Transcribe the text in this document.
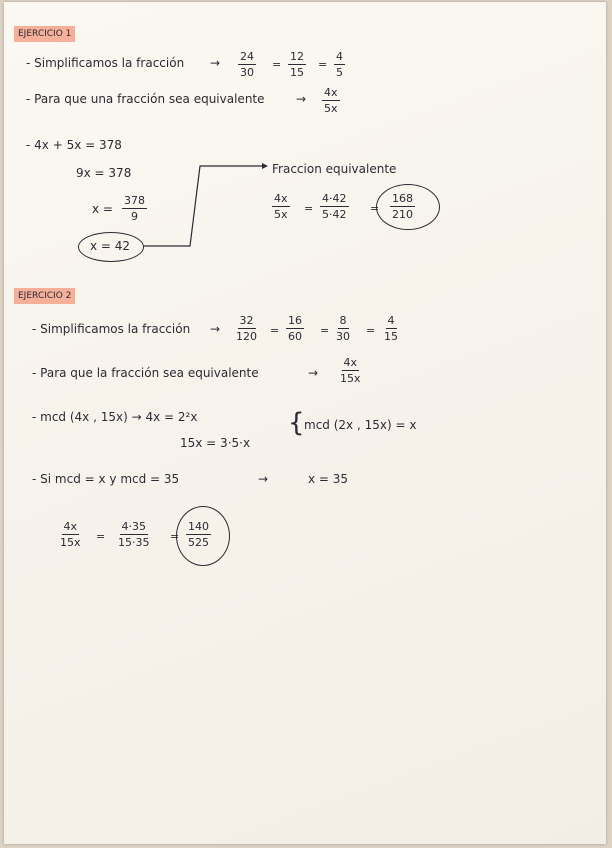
EJERCICIO 1
- Simplificamos la fracción → $\frac{24}{30} = \frac{12}{15} = \frac{4}{5}$
- Para que una fracción sea equivalente	→ $\frac{4x}{5x}$
- 4x + 5x = 378
9x = 378
$x = \frac{378}{9}$
x = 42
Fraccion equivalente
$\frac{4x}{5x} = \frac{4\cdot 42}{5\cdot 42} = \frac{168}{210}$
EJERCICIO 2
- Simplificamos la fracción → $\frac{32}{120} = \frac{16}{60} = \frac{8}{30} = \frac{4}{15}$
- Para que la fracción sea equivalente	→ $\frac{4x}{15x}$
- mcd (4x , 15x) → 4x = 2²x
15x = 3·5·x
{ mcd (2x , 15x) = x
- Si mcd = x y mcd = 35	→	x = 35
$\frac{4x}{15x} = \frac{4\cdot 35}{15\cdot 35} = \frac{140}{525}$
